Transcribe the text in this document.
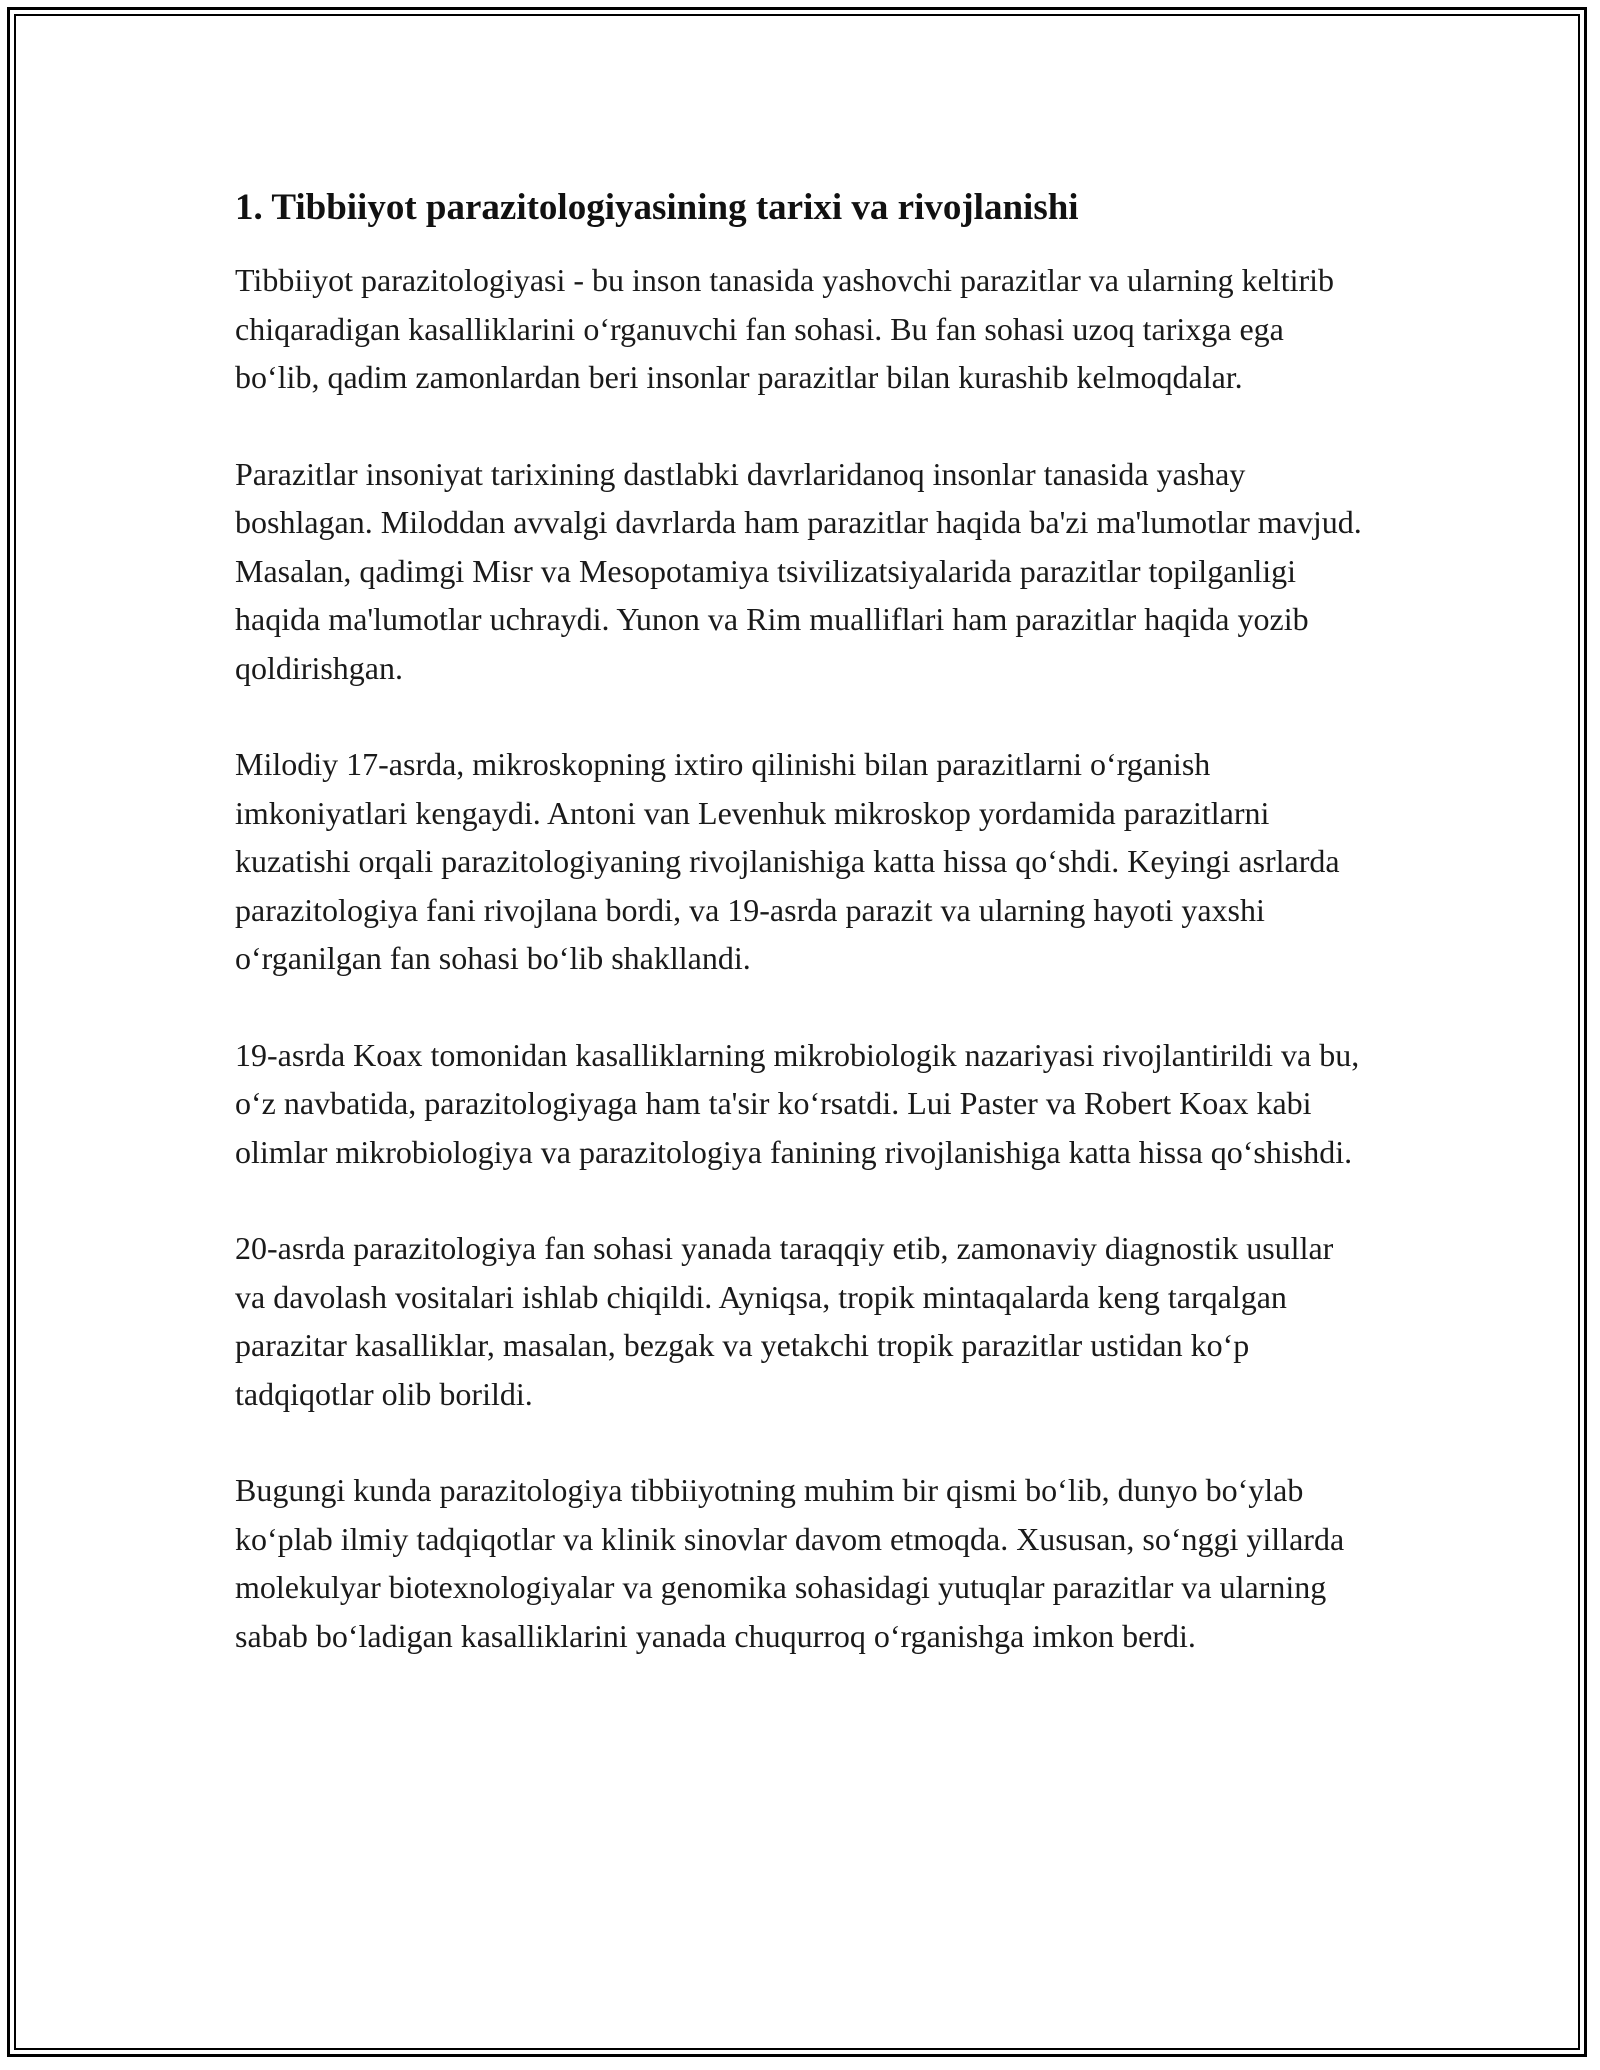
1. Tibbiiyot parazitologiyasining tarixi va rivojlanishi

Tibbiiyot parazitologiyasi - bu inson tanasida yashovchi parazitlar va ularning keltirib chiqaradigan kasalliklarini o‘rganuvchi fan sohasi. Bu fan sohasi uzoq tarixga ega bo‘lib, qadim zamonlardan beri insonlar parazitlar bilan kurashib kelmoqdalar.

Parazitlar insoniyat tarixining dastlabki davrlaridanoq insonlar tanasida yashay boshlagan. Miloddan avvalgi davrlarda ham parazitlar haqida ba'zi ma'lumotlar mavjud. Masalan, qadimgi Misr va Mesopotamiya tsivilizatsiyalarida parazitlar topilganligi haqida ma'lumotlar uchraydi. Yunon va Rim mualliflari ham parazitlar haqida yozib qoldirishgan.

Milodiy 17-asrda, mikroskopning ixtiro qilinishi bilan parazitlarni o‘rganish imkoniyatlari kengaydi. Antoni van Levenhuk mikroskop yordamida parazitlarni kuzatishi orqali parazitologiyaning rivojlanishiga katta hissa qo‘shdi. Keyingi asrlarda parazitologiya fani rivojlana bordi, va 19-asrda parazit va ularning hayoti yaxshi o‘rganilgan fan sohasi bo‘lib shakllandi.

19-asrda Koax tomonidan kasalliklarning mikrobiologik nazariyasi rivojlantirildi va bu, o‘z navbatida, parazitologiyaga ham ta'sir ko‘rsatdi. Lui Paster va Robert Koax kabi olimlar mikrobiologiya va parazitologiya fanining rivojlanishiga katta hissa qo‘shishdi.

20-asrda parazitologiya fan sohasi yanada taraqqiy etib, zamonaviy diagnostik usullar va davolash vositalari ishlab chiqildi. Ayniqsa, tropik mintaqalarda keng tarqalgan parazitar kasalliklar, masalan, bezgak va yetakchi tropik parazitlar ustidan ko‘p tadqiqotlar olib borildi.

Bugungi kunda parazitologiya tibbiiyotning muhim bir qismi bo‘lib, dunyo bo‘ylab ko‘plab ilmiy tadqiqotlar va klinik sinovlar davom etmoqda. Xususan, so‘nggi yillarda molekulyar biotexnologiyalar va genomika sohasidagi yutuqlar parazitlar va ularning sabab bo‘ladigan kasalliklarini yanada chuqurroq o‘rganishga imkon berdi.
